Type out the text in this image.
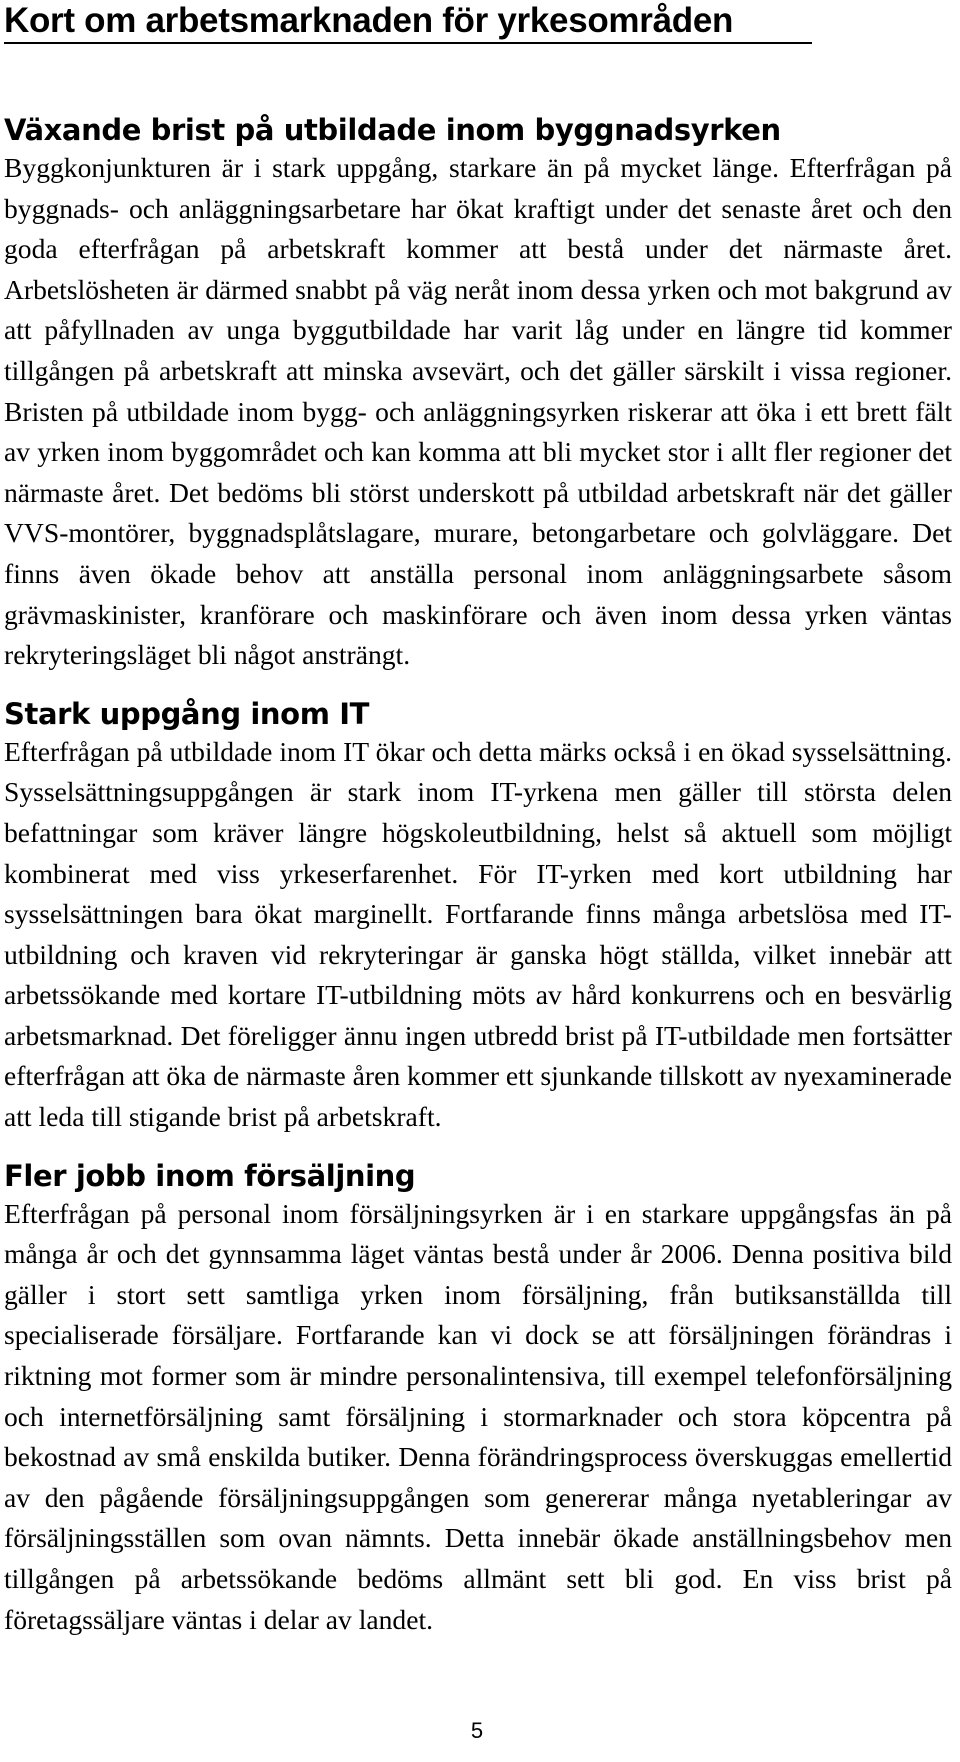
Kort om arbetsmarknaden för yrkesområden
Växande brist på utbildade inom byggnadsyrken

Byggkonjunkturen är i stark uppgång, starkare än på mycket länge. Efterfrågan på byggnads- och anläggningsarbetare har ökat kraftigt under det senaste året och den goda efterfrågan på arbetskraft kommer att bestå under det närmaste året. Arbetslösheten är därmed snabbt på väg neråt inom dessa yrken och mot bakgrund av att påfyllnaden av unga byggutbildade har varit låg under en längre tid kommer tillgången på arbetskraft att minska avsevärt, och det gäller särskilt i vissa regioner. Bristen på utbildade inom bygg- och anläggningsyrken riskerar att öka i ett brett fält av yrken inom byggområdet och kan komma att bli mycket stor i allt fler regioner det närmaste året. Det bedöms bli störst underskott på utbildad arbetskraft när det gäller VVS-montörer, byggnadsplåtslagare, murare, betongarbetare och golvläggare. Det finns även ökade behov att anställa personal inom anläggningsarbete såsom grävmaskinister, kranförare och maskinförare och även inom dessa yrken väntas rekryteringsläget bli något ansträngt.

Stark uppgång inom IT

Efterfrågan på utbildade inom IT ökar och detta märks också i en ökad sysselsättning. Sysselsättningsuppgången är stark inom IT-yrkena men gäller till största delen befattningar som kräver längre högskoleutbildning, helst så aktuell som möjligt kombinerat med viss yrkeserfarenhet. För IT-yrken med kort utbildning har sysselsättningen bara ökat marginellt. Fortfarande finns många arbetslösa med IT-utbildning och kraven vid rekryteringar är ganska högt ställda, vilket innebär att arbetssökande med kortare IT-utbildning möts av hård konkurrens och en besvärlig arbetsmarknad. Det föreligger ännu ingen utbredd brist på IT-utbildade men fortsätter efterfrågan att öka de närmaste åren kommer ett sjunkande tillskott av nyexaminerade att leda till stigande brist på arbetskraft.

Fler jobb inom försäljning

Efterfrågan på personal inom försäljningsyrken är i en starkare uppgångsfas än på många år och det gynnsamma läget väntas bestå under år 2006. Denna positiva bild gäller i stort sett samtliga yrken inom försäljning, från butiksanställda till specialiserade försäljare. Fortfarande kan vi dock se att försäljningen förändras i riktning mot former som är mindre personalintensiva, till exempel telefonförsäljning och internetförsäljning samt försäljning i stormarknader och stora köpcentra på bekostnad av små enskilda butiker. Denna förändringsprocess överskuggas emellertid av den pågående försäljningsuppgången som genererar många nyetableringar av försäljningsställen som ovan nämnts. Detta innebär ökade anställningsbehov men tillgången på arbetssökande bedöms allmänt sett bli god. En viss brist på företagssäljare väntas i delar av landet.

5
